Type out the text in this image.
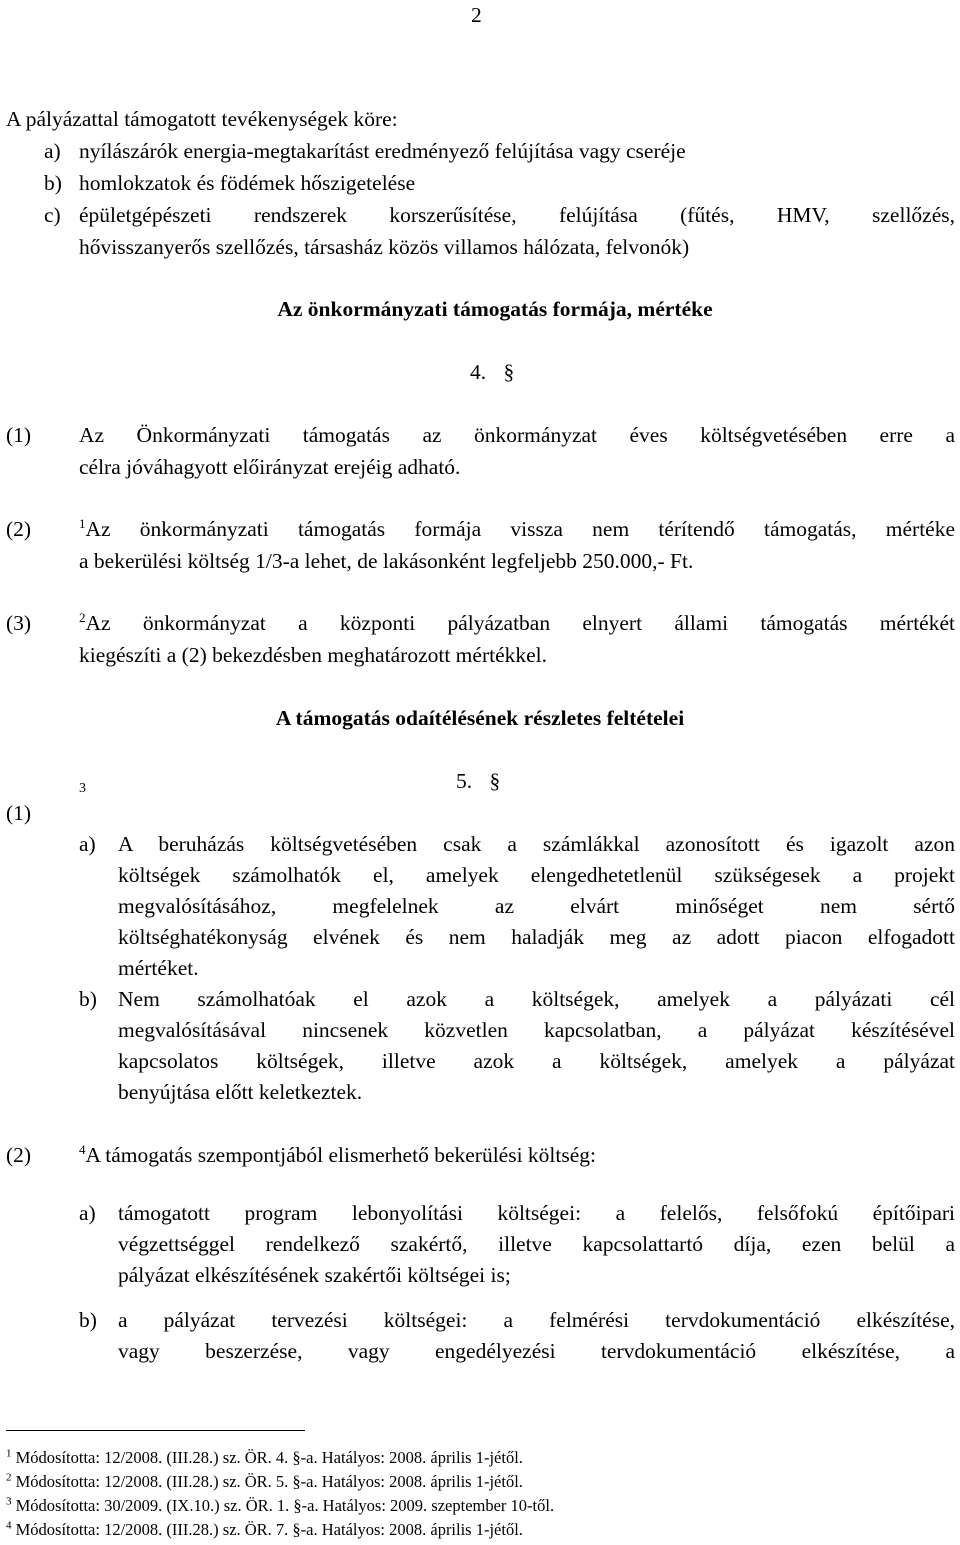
2
A pályázattal támogatott tevékenységek köre:
a) nyílászárók energia-megtakarítást eredményező felújítása vagy cseréje
b) homlokzatok és födémek hőszigetelése
c) épületgépészeti rendszerek korszerűsítése, felújítása (fűtés, HMV, szellőzés,
hővisszanyerős szellőzés, társasház közös villamos hálózata, felvonók)
Az önkormányzati támogatás formája, mértéke
4. §
(1) Az Önkormányzati támogatás az önkormányzat éves költségvetésében erre a
célra jóváhagyott előirányzat erejéig adható.
(2)	$^1$Az önkormányzati támogatás formája vissza nem térítendő támogatás, mértéke
a bekerülési költség 1/3-a lehet, de lakásonként legfeljebb 250.000,- Ft.
(3)	$^2$Az önkormányzat a központi pályázatban elnyert állami támogatás mértékét
kiegészíti a (2) bekezdésben meghatározott mértékkel.
A támogatás odaítélésének részletes feltételei
5. §
(1)
3
a) A beruházás költségvetésében csak a számlákkal azonosított és igazolt azon
költségek számolhatók el, amelyek elengedhetetlenül szükségesek a projekt
megvalósításához, megfelelnek az elvárt minőséget nem sértő
költséghatékonyság elvének és nem haladják meg az adott piacon elfogadott
mértéket.
b) Nem számolhatóak el azok a költségek, amelyek a pályázati cél
megvalósításával nincsenek közvetlen kapcsolatban, a pályázat készítésével
kapcsolatos költségek, illetve azok a költségek, amelyek a pályázat
benyújtása előtt keletkeztek.
(2)	$^4$A támogatás szempontjából elismerhető bekerülési költség:
a) támogatott program lebonyolítási költségei: a felelős, felsőfokú építőipari
végzettséggel rendelkező szakértő, illetve kapcsolattartó díja, ezen belül a
pályázat elkészítésének szakértői költségei is;
b) a pályázat tervezési költségei: a felmérési tervdokumentáció elkészítése,
vagy beszerzése, vagy engedélyezési tervdokumentáció elkészítése, a
$^1$ Módosította: 12/2008. (III.28.) sz. ÖR. 4. §-a. Hatályos: 2008. április 1-jétől.
$^2$ Módosította: 12/2008. (III.28.) sz. ÖR. 5. §-a. Hatályos: 2008. április 1-jétől.
$^3$ Módosította: 30/2009. (IX.10.) sz. ÖR. 1. §-a. Hatályos: 2009. szeptember 10-től.
$^4$ Módosította: 12/2008. (III.28.) sz. ÖR. 7. §-a. Hatályos: 2008. április 1-jétől.
